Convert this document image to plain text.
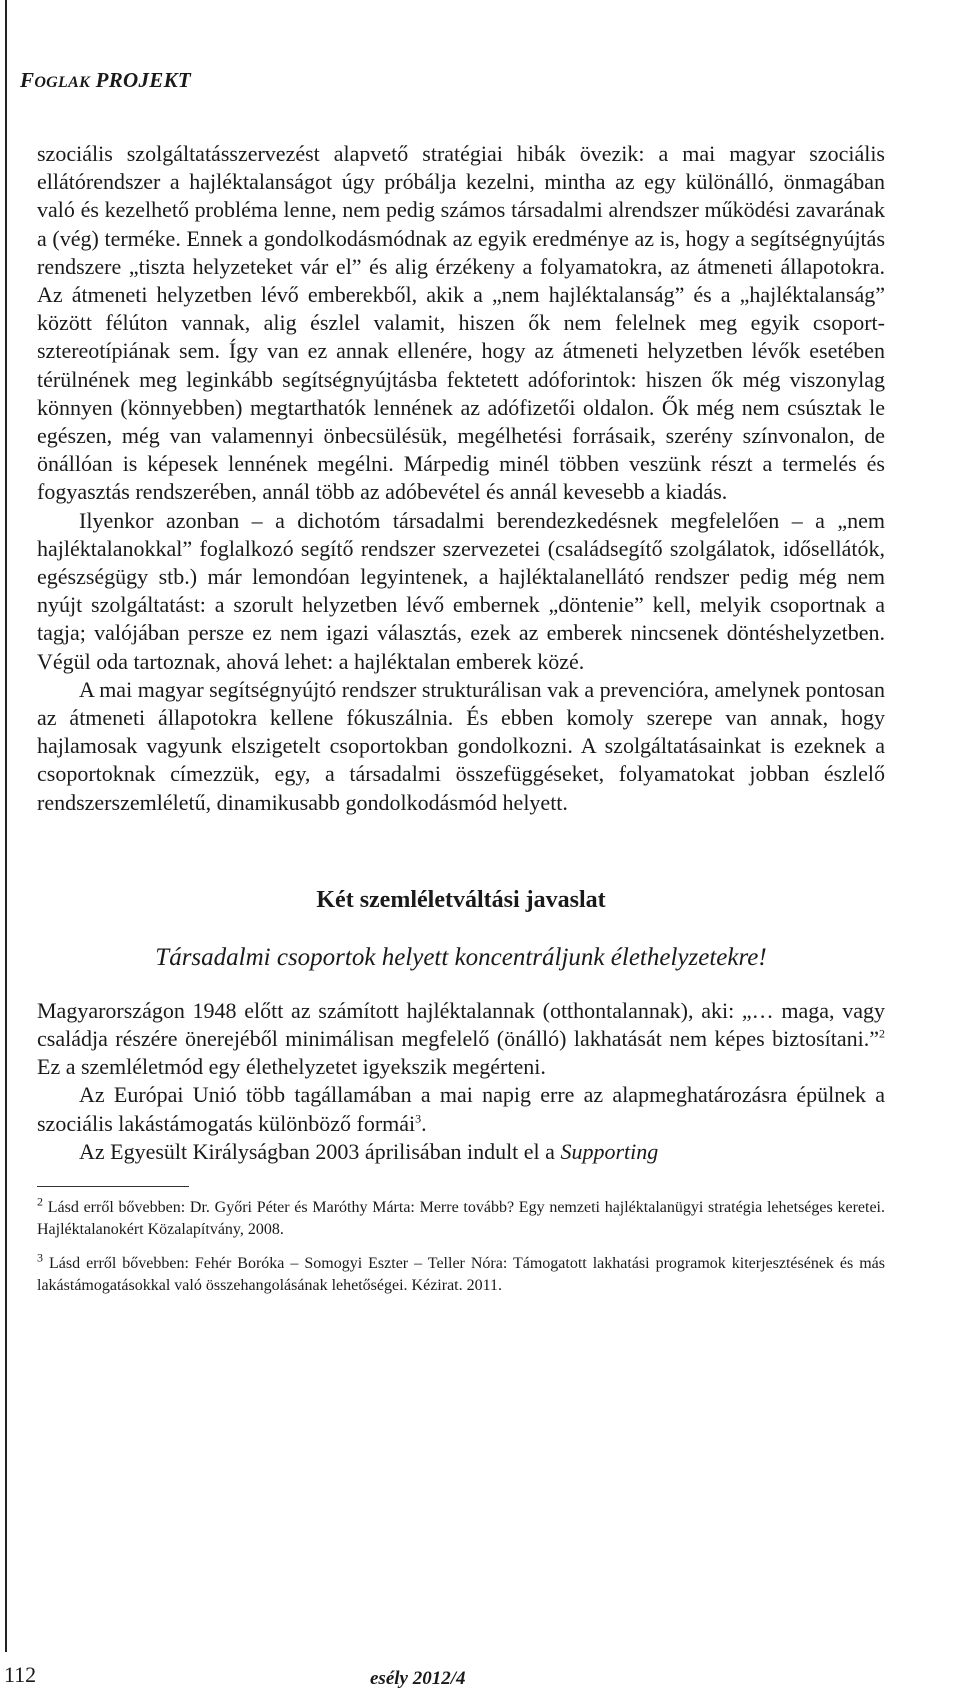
FOGLAK PROJEKT

szociális szolgáltatásszervezést alapvető stratégiai hibák övezik: a mai magyar szociális ellátórendszer a hajléktalanságot úgy próbálja kezelni, mintha az egy különálló, önmagában való és kezelhető probléma lenne, nem pedig számos társadalmi alrendszer működési zavarának a (vég) terméke. Ennek a gondolkodásmódnak az egyik eredménye az is, hogy a segítségnyújtás rendszere „tiszta helyzeteket vár el” és alig érzékeny a folyamatokra, az átmeneti állapotokra. Az átmeneti helyzetben lévő emberekből, akik a „nem hajléktalanság” és a „hajléktalanság” között félúton vannak, alig észlel valamit, hiszen ők nem felelnek meg egyik csoport-sztereotípiának sem. Így van ez annak ellenére, hogy az átmeneti helyzetben lévők esetében térülnének meg leginkább segítségnyújtásba fektetett adóforintok: hiszen ők még viszonylag könnyen (könnyebben) megtarthatók lennének az adófizetői oldalon. Ők még nem csúsztak le egészen, még van valamennyi önbecsülésük, megélhetési forrásaik, szerény színvonalon, de önállóan is képesek lennének megélni. Márpedig minél többen veszünk részt a termelés és fogyasztás rendszerében, annál több az adóbevétel és annál kevesebb a kiadás.

Ilyenkor azonban – a dichotóm társadalmi berendezkedésnek megfelelően – a „nem hajléktalanokkal” foglalkozó segítő rendszer szervezetei (családsegítő szolgálatok, idősellátók, egészségügy stb.) már lemondóan legyintenek, a hajléktalanellátó rendszer pedig még nem nyújt szolgáltatást: a szorult helyzetben lévő embernek „döntenie” kell, melyik csoportnak a tagja; valójában persze ez nem igazi választás, ezek az emberek nincsenek döntéshelyzetben. Végül oda tartoznak, ahová lehet: a hajléktalan emberek közé.

A mai magyar segítségnyújtó rendszer strukturálisan vak a prevencióra, amelynek pontosan az átmeneti állapotokra kellene fókuszálnia. És ebben komoly szerepe van annak, hogy hajlamosak vagyunk elszigetelt csoportokban gondolkozni. A szolgáltatásainkat is ezeknek a csoportoknak címezzük, egy, a társadalmi összefüggéseket, folyamatokat jobban észlelő rendszerszemléletű, dinamikusabb gondolkodásmód helyett.

Két szemléletváltási javaslat
Társadalmi csoportok helyett koncentráljunk élethelyzetekre!

Magyarországon 1948 előtt az számított hajléktalannak (otthontalannak), aki: „… maga, vagy családja részére önerejéből minimálisan megfelelő (önálló) lakhatását nem képes biztosítani.”$^2$ Ez a szemléletmód egy élethelyzetet igyekszik megérteni.

Az Európai Unió több tagállamában a mai napig erre az alapmeghatározásra épülnek a szociális lakástámogatás különböző formái$^3$.

Az Egyesült Királyságban 2003 áprilisában indult el a Supporting

$^2$ Lásd erről bővebben: Dr. Győri Péter és Maróthy Márta: Merre tovább? Egy nemzeti hajléktalanügyi stratégia lehetséges keretei. Hajléktalanokért Közalapítvány, 2008.

$^3$ Lásd erről bővebben: Fehér Boróka – Somogyi Eszter – Teller Nóra: Támogatott lakhatási programok kiterjesztésének és más lakástámogatásokkal való összehangolásának lehetőségei. Kézirat. 2011.

112	esély 2012/4
